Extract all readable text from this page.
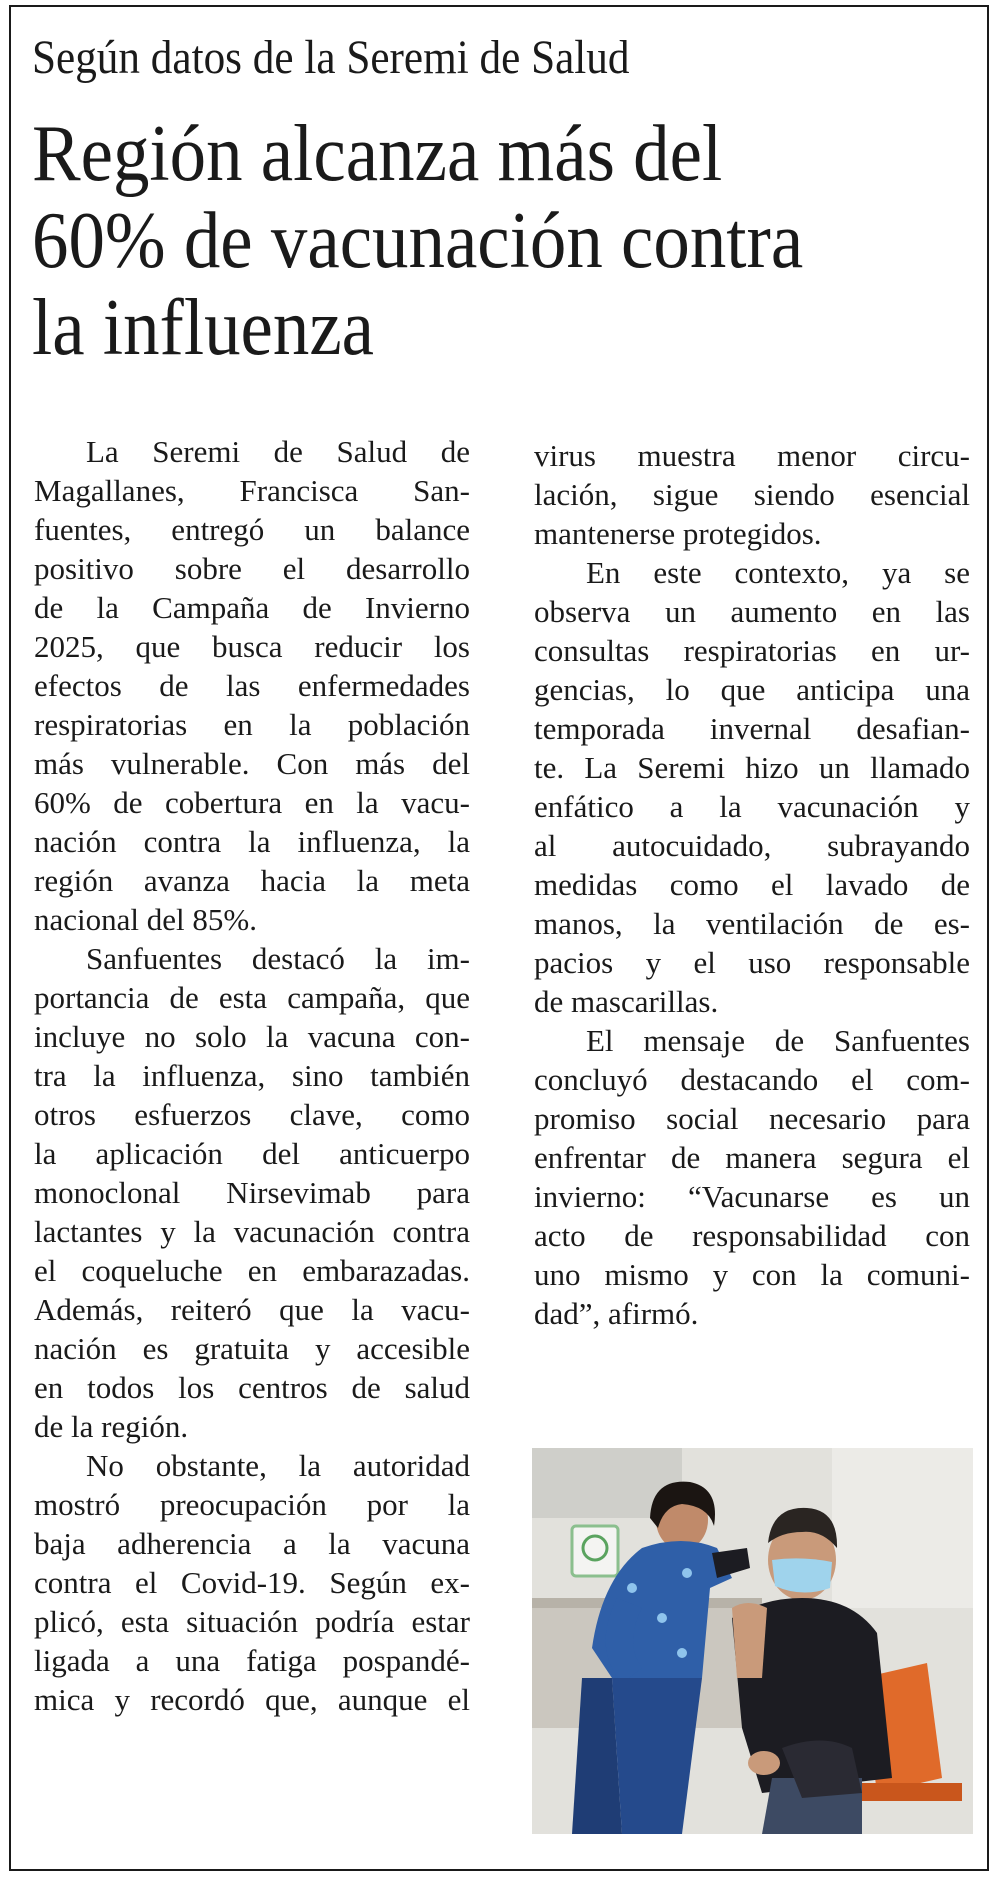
Según datos de la Seremi de Salud
Región alcanza más del
60% de vacunación contra
la influenza
La Seremi de Salud de
Magallanes, Francisca San-
fuentes, entregó un balance
positivo sobre el desarrollo
de la Campaña de Invierno
2025, que busca reducir los
efectos de las enfermedades
respiratorias en la población
más vulnerable. Con más del
60% de cobertura en la vacu-
nación contra la influenza, la
región avanza hacia la meta
nacional del 85%.
Sanfuentes destacó la im-
portancia de esta campaña, que
incluye no solo la vacuna con-
tra la influenza, sino también
otros esfuerzos clave, como
la aplicación del anticuerpo
monoclonal Nirsevimab para
lactantes y la vacunación contra
el coqueluche en embarazadas.
Además, reiteró que la vacu-
nación es gratuita y accesible
en todos los centros de salud
de la región.
No obstante, la autoridad
mostró preocupación por la
baja adherencia a la vacuna
contra el Covid-19. Según ex-
plicó, esta situación podría estar
ligada a una fatiga pospandé-
mica y recordó que, aunque el
virus muestra menor circu-
lación, sigue siendo esencial
mantenerse protegidos.
En este contexto, ya se
observa un aumento en las
consultas respiratorias en ur-
gencias, lo que anticipa una
temporada invernal desafian-
te. La Seremi hizo un llamado
enfático a la vacunación y
al autocuidado, subrayando
medidas como el lavado de
manos, la ventilación de es-
pacios y el uso responsable
de mascarillas.
El mensaje de Sanfuentes
concluyó destacando el com-
promiso social necesario para
enfrentar de manera segura el
invierno: “Vacunarse es un
acto de responsabilidad con
uno mismo y con la comuni-
dad”, afirmó.
